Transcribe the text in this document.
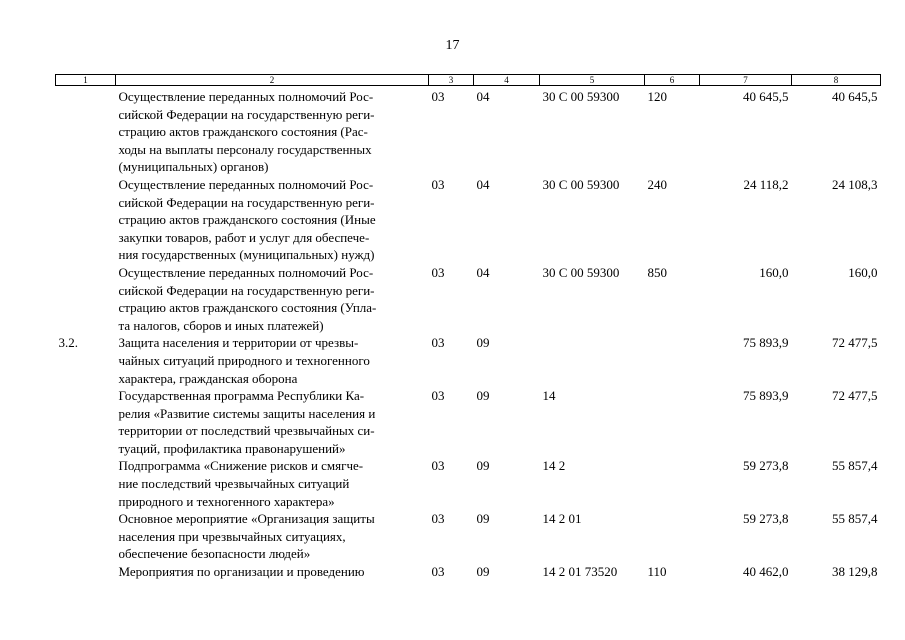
17
1	2	3	4	5	6	7	8

	Осуществление переданных полномочий Рос-
сийской Федерации на государственную реги-
страцию актов гражданского состояния (Рас-
ходы на выплаты персоналу государственных
(муниципальных) органов)	03	04	30 С 00 59300	120	40 645,5	40 645,5

	Осуществление переданных полномочий Рос-
сийской Федерации на государственную реги-
страцию актов гражданского состояния (Иные
закупки товаров, работ и услуг для обеспече-
ния государственных (муниципальных) нужд)	03	04	30 С 00 59300	240	24 118,2	24 108,3

	Осуществление переданных полномочий Рос-
сийской Федерации на государственную реги-
страцию актов гражданского состояния (Упла-
та налогов, сборов и иных платежей)	03	04	30 С 00 59300	850	160,0	160,0
3.2.	Защита населения и территории от чрезвы-
чайных ситуаций природного и техногенного
характера, гражданская оборона	03	09			75 893,9	72 477,5

	Государственная программа Республики Ка-
релия «Развитие системы защиты населения и
территории от последствий чрезвычайных си-
туаций, профилактика правонарушений»	03	09	14		75 893,9	72 477,5

	Подпрограмма «Снижение рисков и смягче-
ние последствий чрезвычайных ситуаций
природного и техногенного характера»	03	09	14 2		59 273,8	55 857,4

	Основное мероприятие «Организация защиты
населения при чрезвычайных ситуациях,
обеспечение безопасности людей»	03	09	14 2 01		59 273,8	55 857,4

	Мероприятия по организации и проведению	03	09	14 2 01 73520	110	40 462,0	38 129,8
